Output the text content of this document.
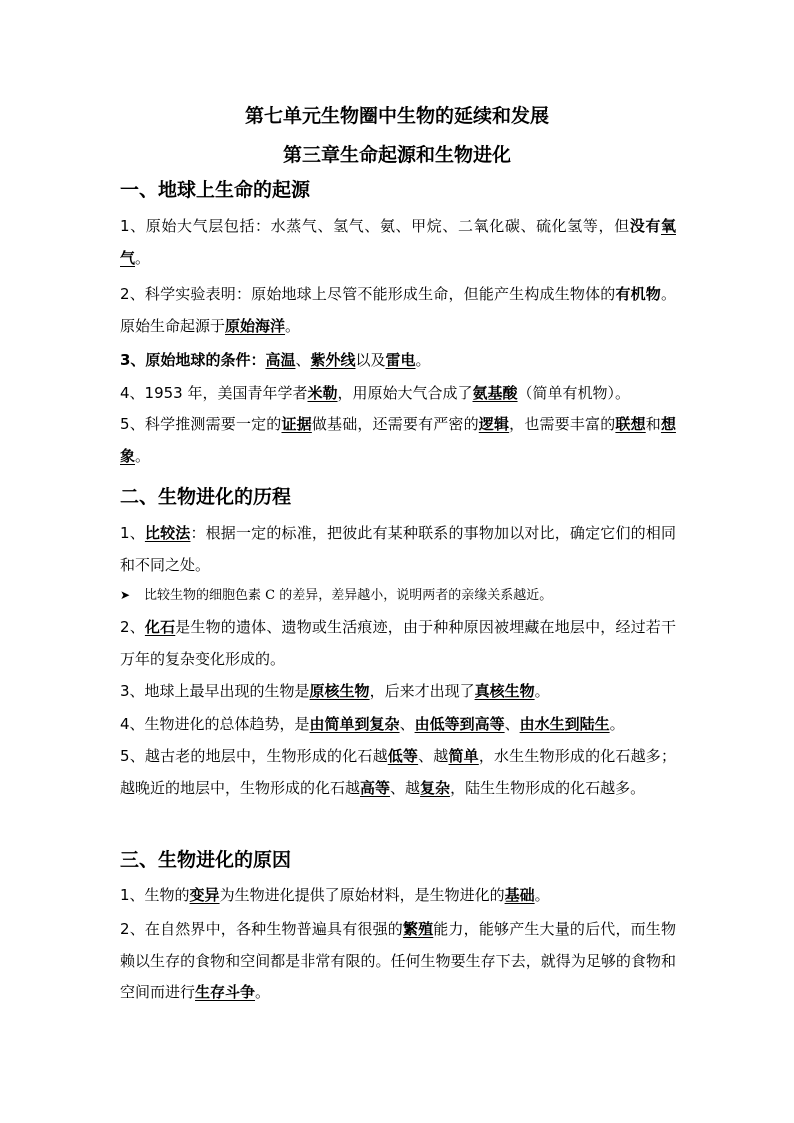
第七单元生物圈中生物的延续和发展
第三章生命起源和生物进化
一、地球上生命的起源
1、原始大气层包括：水蒸气、氢气、氨、甲烷、二氧化碳、硫化氢等，但没有氧气。
2、科学实验表明：原始地球上尽管不能形成生命，但能产生构成生物体的有机物。原始生命起源于原始海洋。
3、原始地球的条件：高温、紫外线以及雷电。
4、1953 年，美国青年学者米勒，用原始大气合成了氨基酸（简单有机物）。
5、科学推测需要一定的证据做基础，还需要有严密的逻辑，也需要丰富的联想和想象。
二、生物进化的历程
1、比较法：根据一定的标准，把彼此有某种联系的事物加以对比，确定它们的相同和不同之处。
➤ 比较生物的细胞色素 C 的差异，差异越小，说明两者的亲缘关系越近。
2、化石是生物的遗体、遗物或生活痕迹，由于种种原因被埋藏在地层中，经过若干万年的复杂变化形成的。
3、地球上最早出现的生物是原核生物，后来才出现了真核生物。
4、生物进化的总体趋势，是由简单到复杂、由低等到高等、由水生到陆生。
5、越古老的地层中，生物形成的化石越低等、越简单，水生生物形成的化石越多；越晚近的地层中，生物形成的化石越高等、越复杂，陆生生物形成的化石越多。
三、生物进化的原因
1、生物的变异为生物进化提供了原始材料，是生物进化的基础。
2、在自然界中，各种生物普遍具有很强的繁殖能力，能够产生大量的后代，而生物赖以生存的食物和空间都是非常有限的。任何生物要生存下去，就得为足够的食物和空间而进行生存斗争。
